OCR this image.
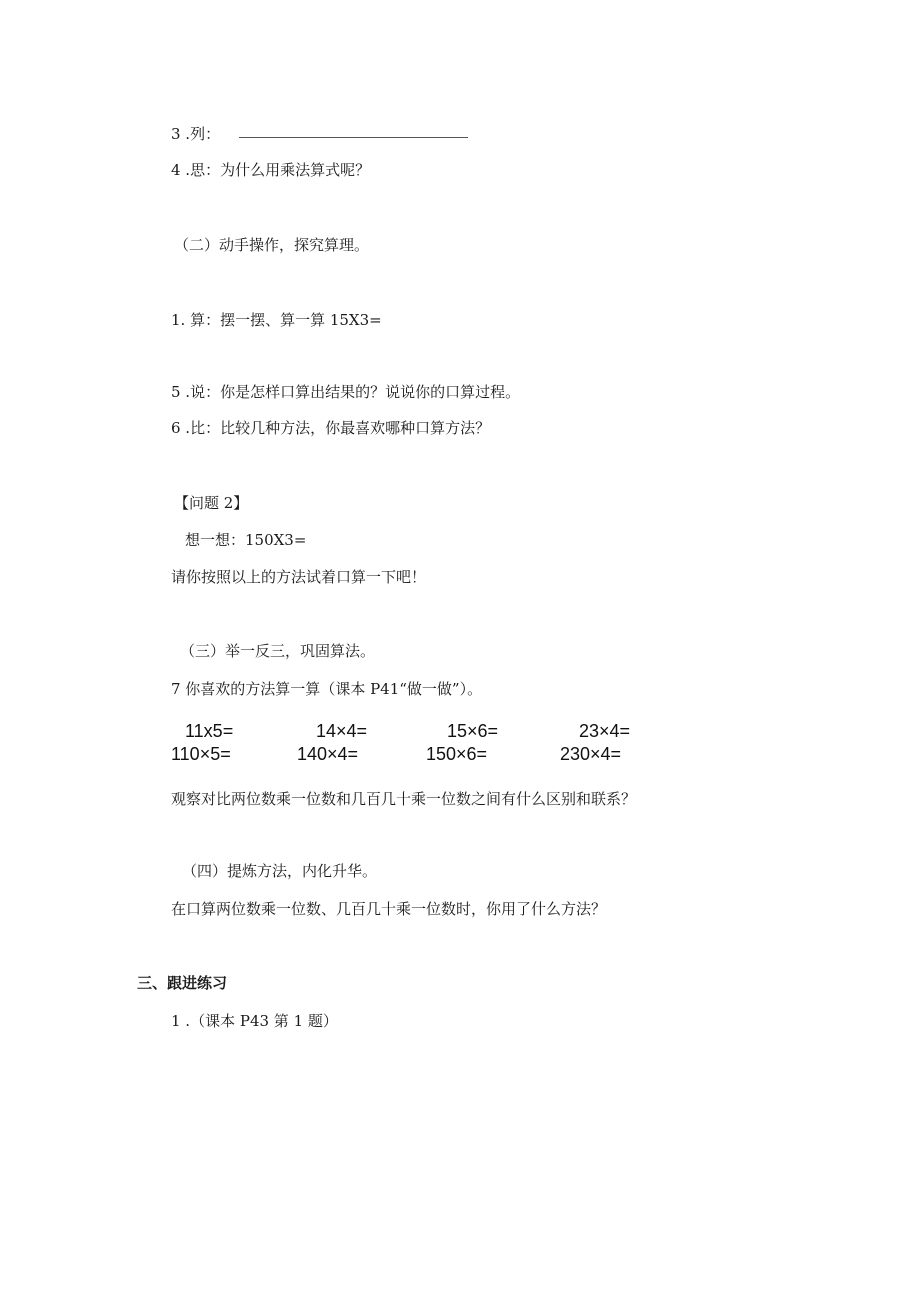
3 .列：
4 .思：为什么用乘法算式呢？
（二）动手操作，探究算理。
1. 算：摆一摆、算一算 15X3=
5 .说：你是怎样口算出结果的？说说你的口算过程。
6 .比：比较几种方法，你最喜欢哪种口算方法？
【问题 2】
想一想：150X3=
请你按照以上的方法试着口算一下吧！
（三）举一反三，巩固算法。
7 你喜欢的方法算一算（课本 P41“做一做”）。
11x5=	14×4=	15×6=	23×4=
110×5=	140×4=	150×6=	230×4=
观察对比两位数乘一位数和几百几十乘一位数之间有什么区别和联系？
（四）提炼方法，内化升华。
在口算两位数乘一位数、几百几十乘一位数时，你用了什么方法？
三、跟进练习
1 .（课本 P43 第 1 题）
